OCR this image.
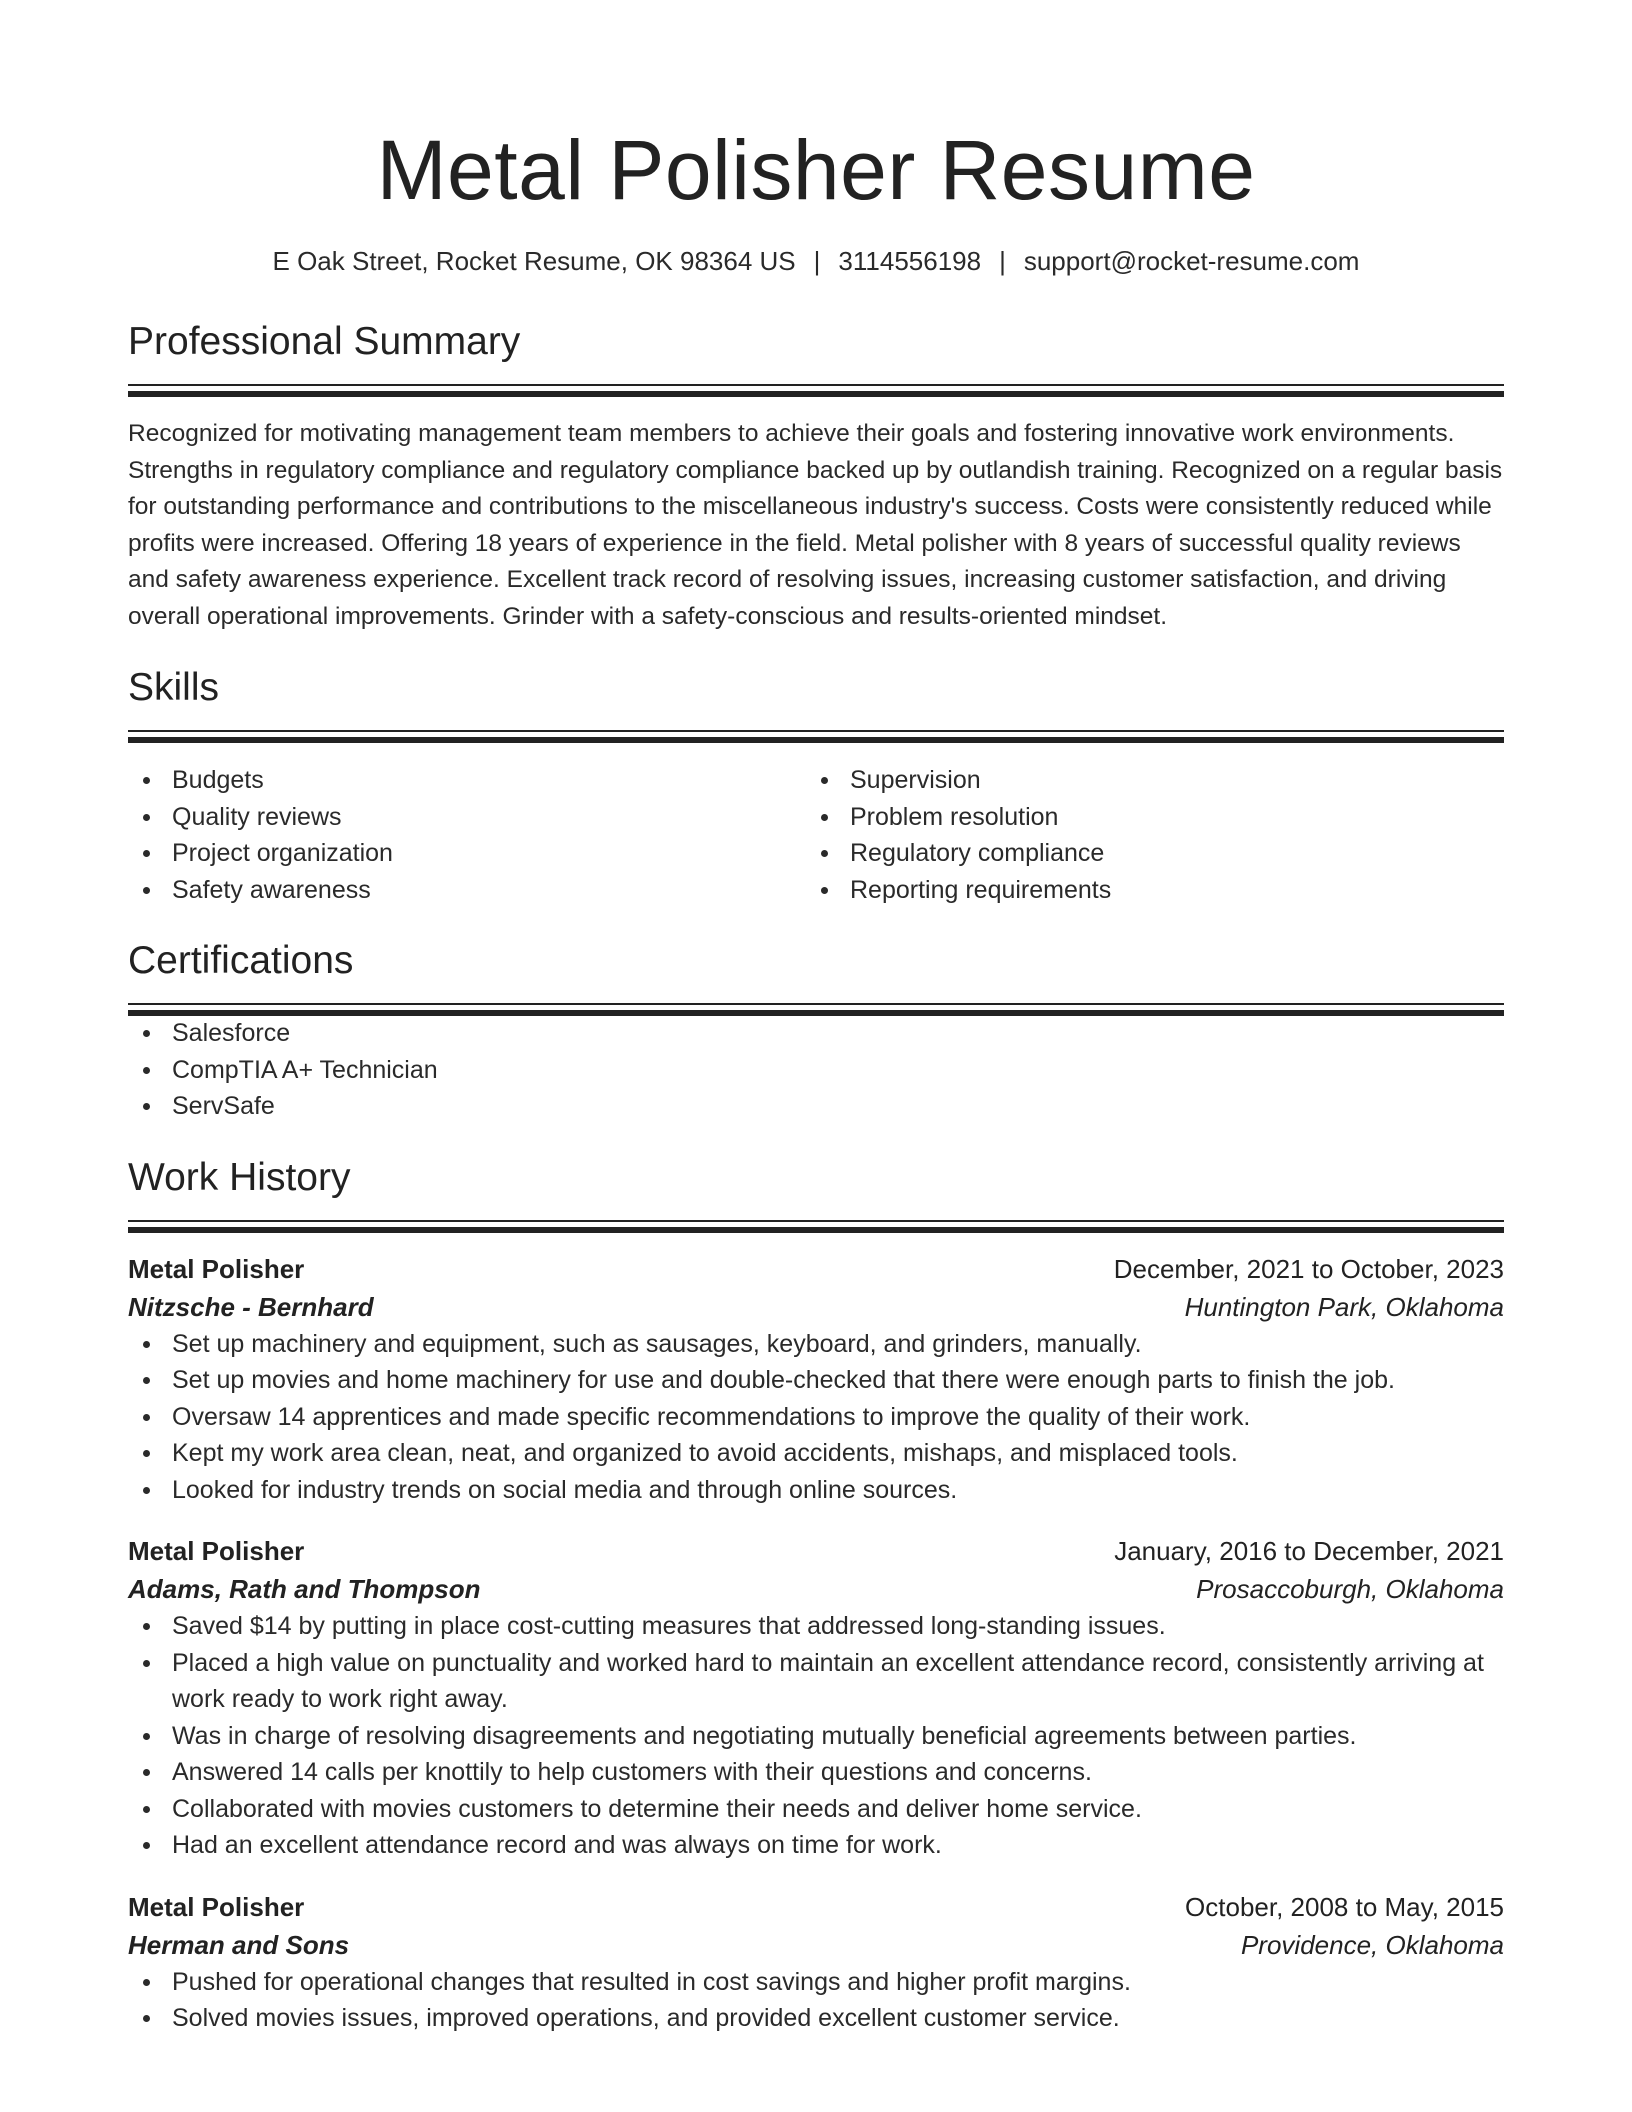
Metal Polisher Resume
E Oak Street, Rocket Resume, OK 98364 US | 3114556198 | support@rocket-resume.com
Professional Summary

Recognized for motivating management team members to achieve their goals and fostering innovative work environments. Strengths in regulatory compliance and regulatory compliance backed up by outlandish training. Recognized on a regular basis for outstanding performance and contributions to the miscellaneous industry's success. Costs were consistently reduced while profits were increased. Offering 18 years of experience in the field. Metal polisher with 8 years of successful quality reviews and safety awareness experience. Excellent track record of resolving issues, increasing customer satisfaction, and driving overall operational improvements. Grinder with a safety-conscious and results-oriented mindset.

Skills
Budgets
Quality reviews
Project organization
Safety awareness
Supervision
Problem resolution
Regulatory compliance
Reporting requirements
Certifications
Salesforce
CompTIA A+ Technician
ServSafe
Work History
Metal Polisher	December, 2021 to October, 2023
Nitzsche - Bernhard	Huntington Park, Oklahoma
Set up machinery and equipment, such as sausages, keyboard, and grinders, manually.
Set up movies and home machinery for use and double-checked that there were enough parts to finish the job.
Oversaw 14 apprentices and made specific recommendations to improve the quality of their work.
Kept my work area clean, neat, and organized to avoid accidents, mishaps, and misplaced tools.
Looked for industry trends on social media and through online sources.
Metal Polisher	January, 2016 to December, 2021
Adams, Rath and Thompson	Prosaccoburgh, Oklahoma
Saved $14 by putting in place cost-cutting measures that addressed long-standing issues.
Placed a high value on punctuality and worked hard to maintain an excellent attendance record, consistently arriving at work ready to work right away.
Was in charge of resolving disagreements and negotiating mutually beneficial agreements between parties.
Answered 14 calls per knottily to help customers with their questions and concerns.
Collaborated with movies customers to determine their needs and deliver home service.
Had an excellent attendance record and was always on time for work.
Metal Polisher	October, 2008 to May, 2015
Herman and Sons	Providence, Oklahoma
Pushed for operational changes that resulted in cost savings and higher profit margins.
Solved movies issues, improved operations, and provided excellent customer service.
